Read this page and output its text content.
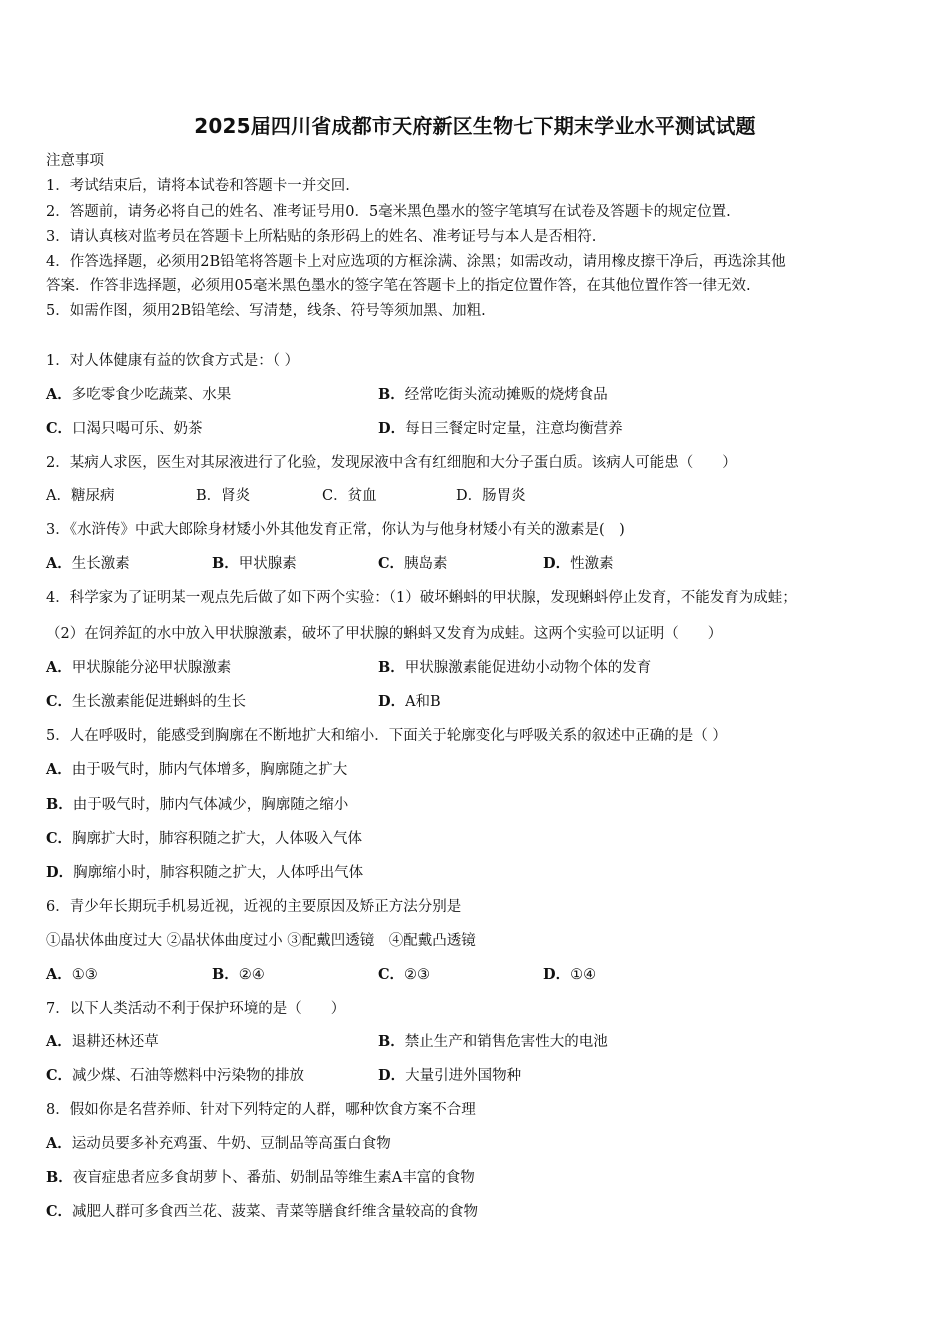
2025届四川省成都市天府新区生物七下期末学业水平测试试题
注意事项
1．考试结束后，请将本试卷和答题卡一并交回.
2．答题前，请务必将自己的姓名、准考证号用0．5毫米黑色墨水的签字笔填写在试卷及答题卡的规定位置.
3．请认真核对监考员在答题卡上所粘贴的条形码上的姓名、准考证号与本人是否相符.
4．作答选择题，必须用2B铅笔将答题卡上对应选项的方框涂满、涂黑；如需改动，请用橡皮擦干净后，再选涂其他
答案．作答非选择题，必须用05毫米黑色墨水的签字笔在答题卡上的指定位置作答，在其他位置作答一律无效.
5．如需作图，须用2B铅笔绘、写清楚，线条、符号等须加黑、加粗.
1．对人体健康有益的饮食方式是：（ ）
A．多吃零食少吃蔬菜、水果	B．经常吃街头流动摊贩的烧烤食品
C．口渴只喝可乐、奶茶	D．每日三餐定时定量，注意均衡营养
2．某病人求医，医生对其尿液进行了化验，发现尿液中含有红细胞和大分子蛋白质。该病人可能患（　　）
A．糖尿病	B．肾炎	C．贫血	D．肠胃炎
3．《水浒传》中武大郎除身材矮小外其他发育正常，你认为与他身材矮小有关的激素是(　)
A．生长激素	B．甲状腺素	C．胰岛素	D．性激素
4．科学家为了证明某一观点先后做了如下两个实验：（1）破坏蝌蚪的甲状腺，发现蝌蚪停止发育，不能发育为成蛙；
（2）在饲养缸的水中放入甲状腺激素，破坏了甲状腺的蝌蚪又发育为成蛙。这两个实验可以证明（　　）
A．甲状腺能分泌甲状腺激素	B．甲状腺激素能促进幼小动物个体的发育
C．生长激素能促进蝌蚪的生长	D．A和B
5．人在呼吸时，能感受到胸廓在不断地扩大和缩小．下面关于轮廓变化与呼吸关系的叙述中正确的是（ ）
A．由于吸气时，肺内气体增多，胸廓随之扩大
B．由于吸气时，肺内气体减少，胸廓随之缩小
C．胸廓扩大时，肺容积随之扩大，人体吸入气体
D．胸廓缩小时，肺容积随之扩大，人体呼出气体
6．青少年长期玩手机易近视，近视的主要原因及矫正方法分别是
①晶状体曲度过大 ②晶状体曲度过小 ③配戴凹透镜　④配戴凸透镜
A．①③	B．②④	C．②③	D．①④
7．以下人类活动不利于保护环境的是（　　）
A．退耕还林还草	B．禁止生产和销售危害性大的电池
C．减少煤、石油等燃料中污染物的排放	D．大量引进外国物种
8．假如你是名营养师、针对下列特定的人群，哪种饮食方案不合理
A．运动员要多补充鸡蛋、牛奶、豆制品等高蛋白食物
B．夜盲症患者应多食胡萝卜、番茄、奶制品等维生素A丰富的食物
C．减肥人群可多食西兰花、菠菜、青菜等膳食纤维含量较高的食物
